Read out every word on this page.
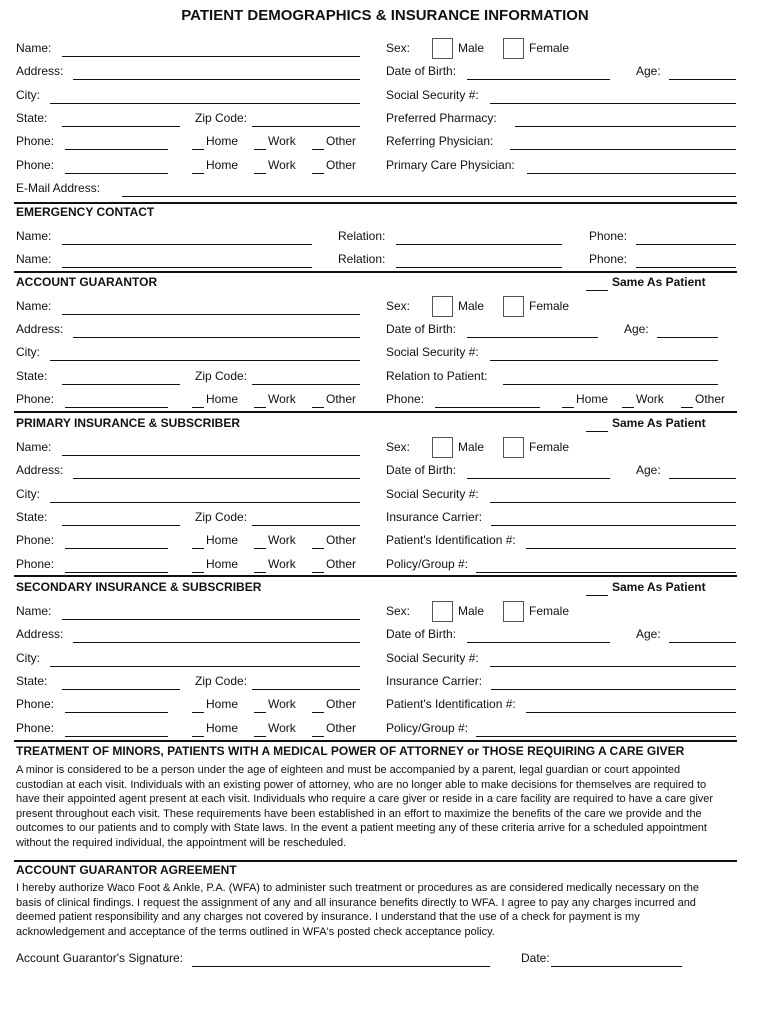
PATIENT DEMOGRAPHICS & INSURANCE INFORMATION
Name:	Sex:	Male	Female
Address:	Date of Birth:	Age:
City:	Social Security #:
State:	Zip Code:	Preferred Pharmacy:
Phone:	Home Work	Other Referring Physician:
Phone:	Home Work	Other Primary Care Physician:
E-Mail Address:
EMERGENCY CONTACT
Name:	Relation:	Phone:
Name:	Relation:	Phone:
ACCOUNT GUARANTOR	Same As Patient
Name:	Sex:	Male	Female
Address:	Date of Birth:	Age:
City:	Social Security #:
State:	Zip Code:	Relation to Patient:
Phone:	Home Work	Other Phone:	Home Work	Other
PRIMARY INSURANCE & SUBSCRIBER	Same As Patient
Name:	Sex:	Male	Female
Address:	Date of Birth:	Age:
City:	Social Security #:
State:	Zip Code:	Insurance Carrier:
Phone:	Home Work	Other Patient's Identification #:
Phone:	Home Work	Other Policy/Group #:
SECONDARY INSURANCE & SUBSCRIBER	Same As Patient
Name:	Sex:	Male	Female
Address:	Date of Birth:	Age:
City:	Social Security #:
State:	Zip Code:	Insurance Carrier:
Phone:	Home Work	Other Patient's Identification #:
Phone:	Home Work	Other Policy/Group #:
TREATMENT OF MINORS, PATIENTS WITH A MEDICAL POWER OF ATTORNEY or THOSE REQUIRING A CARE GIVER
A minor is considered to be a person under the age of eighteen and must be accompanied by a parent, legal guardian or court appointed custodian at each visit. Individuals with an existing power of attorney, who are no longer able to make decisions for themselves are required to have their appointed agent present at each visit. Individuals who require a care giver or reside in a care facility are required to have a care giver present throughout each visit. These requirements have been established in an effort to maximize the benefits of the care we provide and the outcomes to our patients and to comply with State laws. In the event a patient meeting any of these criteria arrive for a scheduled appointment without the required individual, the appointment will be rescheduled.
ACCOUNT GUARANTOR AGREEMENT
I hereby authorize Waco Foot & Ankle, P.A. (WFA) to administer such treatment or procedures as are considered medically necessary on the basis of clinical findings. I request the assignment of any and all insurance benefits directly to WFA. I agree to pay any charges incurred and deemed patient responsibility and any charges not covered by insurance. I understand that the use of a check for payment is my acknowledgement and acceptance of the terms outlined in WFA's posted check acceptance policy.
Account Guarantor's Signature:	Date:
